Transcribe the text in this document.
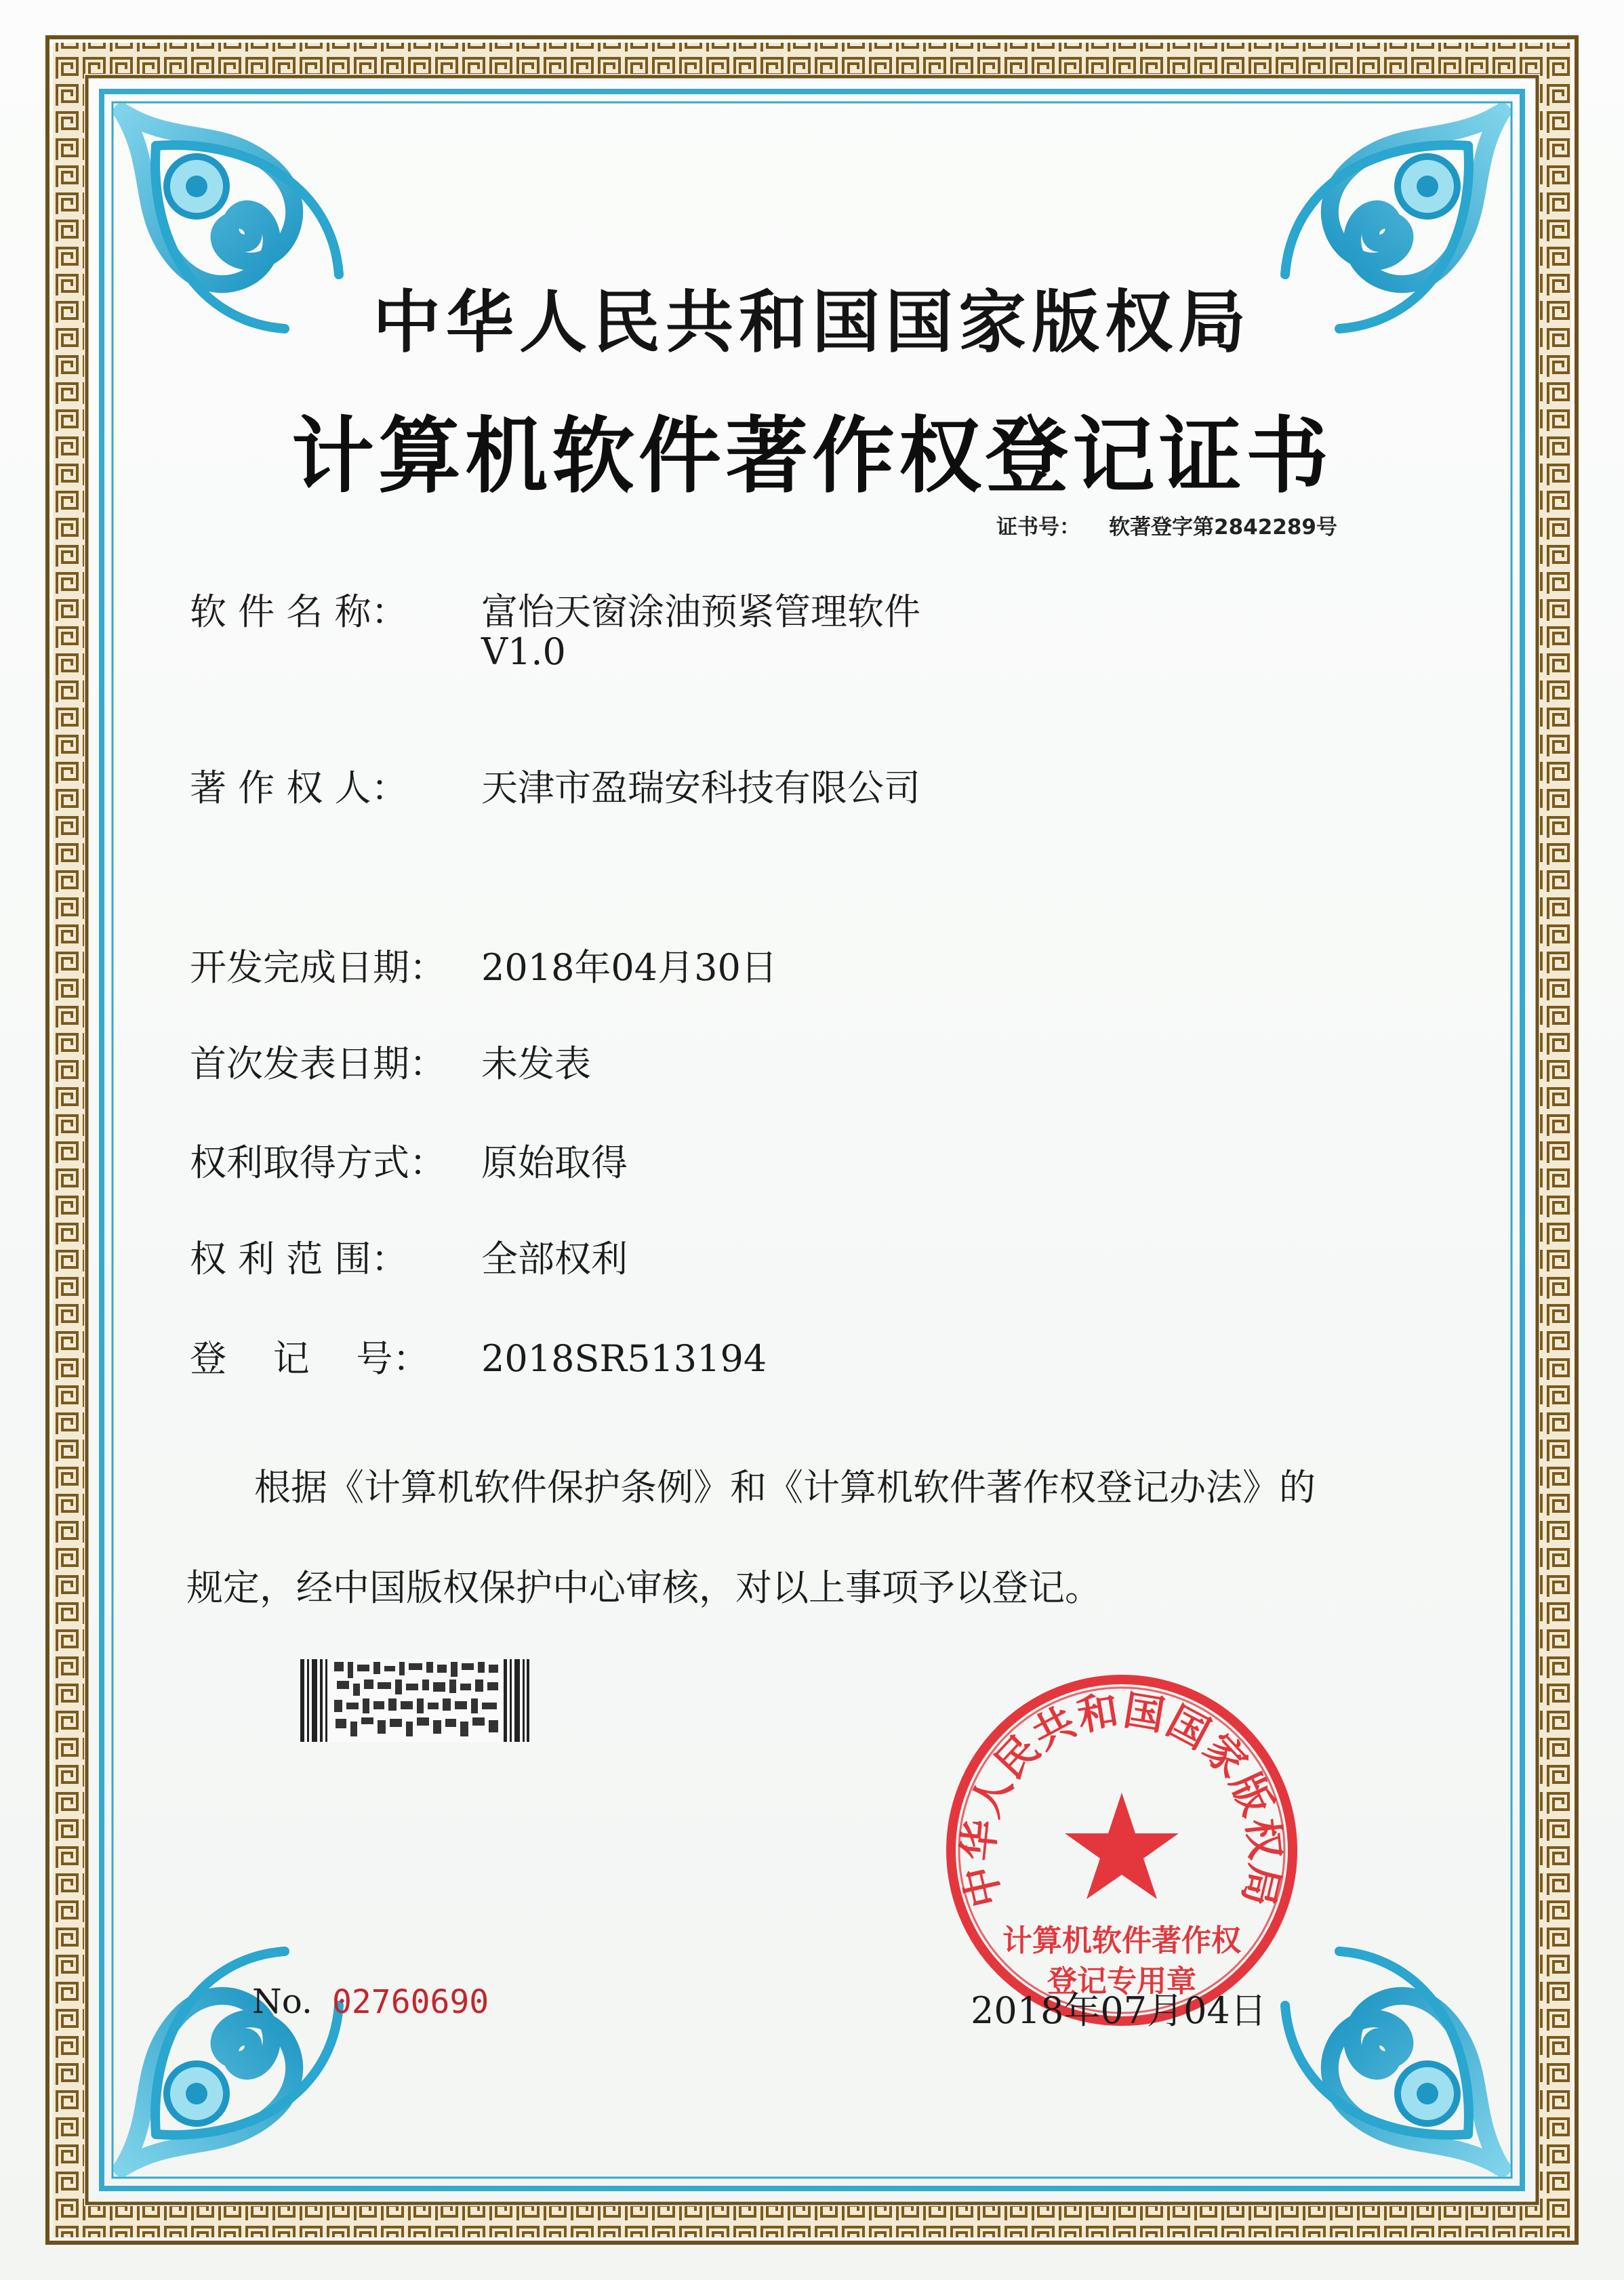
中华人民共和国国家版权局
计算机软件著作权登记证书
证书号： 软著登字第2842289号
软 件 名 称： 富怡天窗涂油预紧管理软件
V1.0
著 作 权 人： 天津市盈瑞安科技有限公司
开发完成日期： 2018年04月30日
首次发表日期： 未发表
权利取得方式： 原始取得
权 利 范 围： 全部权利
登    记    号： 2018SR513194
根据《计算机软件保护条例》和《计算机软件著作权登记办法》的
规定，经中国版权保护中心审核，对以上事项予以登记。
中华人民共和国国家版权局
计算机软件著作权
登记专用章
No. 02760690	2018年07月04日
